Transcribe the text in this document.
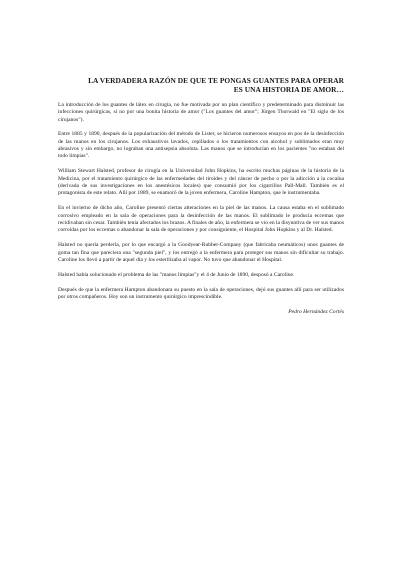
LA VERDADERA RAZÓN DE QUE TE PONGAS GUANTES PARA OPERAR
ES UNA HISTORIA DE AMOR…

La introducción de los guantes de látex en cirugía, no fue motivada por un plan científico y predeterminado para disminuir las infecciones quirúrgicas, si no por una bonita historia de amor ("Los guantes del amor"; Jürgen Thorwald en "El siglo de los cirujanos").

Entre 1885 y 1890, después de la popularización del método de Lister, se hicieron numerosos ensayos en pos de la desinfección de las manos en los cirujanos. Los exhaustivos lavados, cepillados o los tratamientos con alcohol y sublimados eran muy abrasivos y sin embargo, no lograban una antisepsia absoluta. Las manos que se introducían en los pacientes "no estaban del todo limpias".

William Stewart Halsted, profesor de cirugía en la Universidad John Hopkins, ha escrito muchas páginas de la historia de la Medicina, por el tratamiento quirúrgico de las enfermedades del tiroides y del cáncer de pecho o por la adicción a la cocaína (derivada de sus investigaciones en los anestésicos locales) que consumió por los cigarrillos Pall-Mall. También es el protagonista de este relato. Allí por 1889, se enamoró de la joven enfermera, Caroline Hampton, que le instrumentaba.

En el invierno de dicho año, Caroline presentó ciertas alteraciones en la piel de las manos. La causa estaba en el sublimado corrosivo empleado en la sala de operaciones para la desinfección de las manos. El sublimado le producía eccemas que recidivaban sin cesar. También tenía afectados los brazos. A finales de año, la enfermera se vio en la disyuntiva de ver sus manos corroídas por los eccemas o abandonar la sala de operaciones y por consiguiente, el Hospital John Hopkins y al Dr. Halsted.

Halsted no quería perderla, por lo que encargó a la Goodyear-Rubber-Company (que fabricaba neumáticos) unos guantes de goma tan fina que pareciera una "segunda piel", y los entregó a la enfermera para proteger sus manos sin dificultar su trabajo. Caroline los llevó a partir de aquel día y los esterilizaba al vapor. No tuvo que abandonar el Hospital.

Halsted había solucionado el problema de las "manos limpias"y el 4 de Junio de 1890, desposó a Caroline.

Después de que la enfermera Hampton abandonara su puesto en la sala de operaciones, dejó sus guantes allí para ser utilizados por otros compañeros. Hoy son un instrumento quirúrgico imprescindible.

Pedro Hernández Cortés
